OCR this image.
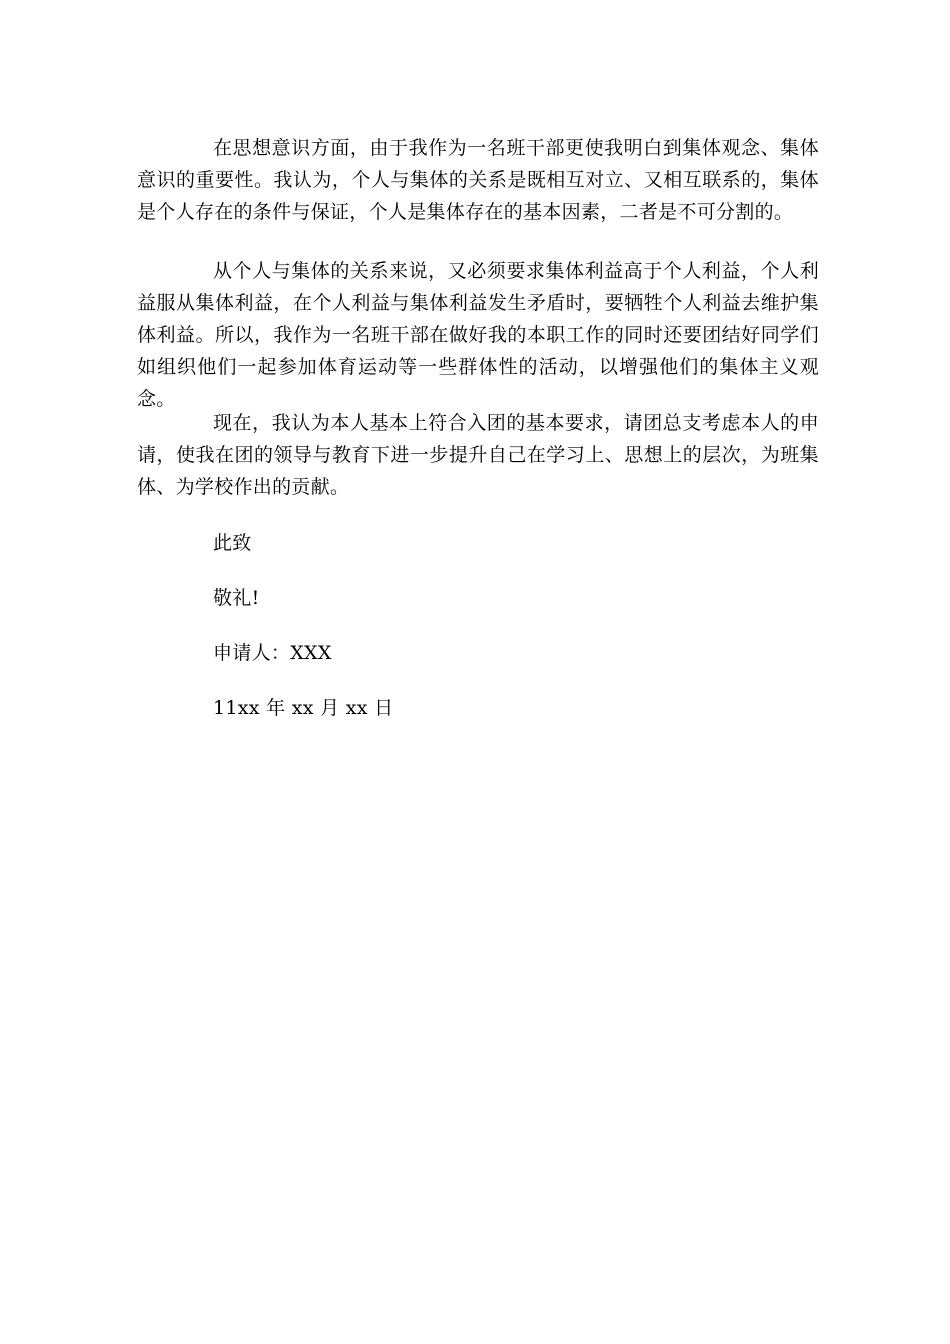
在思想意识方面，由于我作为一名班干部更使我明白到集体观念、集体意识的重要性。我认为，个人与集体的关系是既相互对立、又相互联系的，集体是个人存在的条件与保证，个人是集体存在的基本因素，二者是不可分割的。

从个人与集体的关系来说，又必须要求集体利益高于个人利益，个人利益服从集体利益，在个人利益与集体利益发生矛盾时，要牺牲个人利益去维护集体利益。所以，我作为一名班干部在做好我的本职工作的同时还要团结好同学们如组织他们一起参加体育运动等一些群体性的活动，以增强他们的集体主义观念。

现在，我认为本人基本上符合入团的基本要求，请团总支考虑本人的申请，使我在团的领导与教育下进一步提升自己在学习上、思想上的层次，为班集体、为学校作出的贡献。

此致

敬礼!

申请人：XXX

11xx 年 xx 月 xx 日
